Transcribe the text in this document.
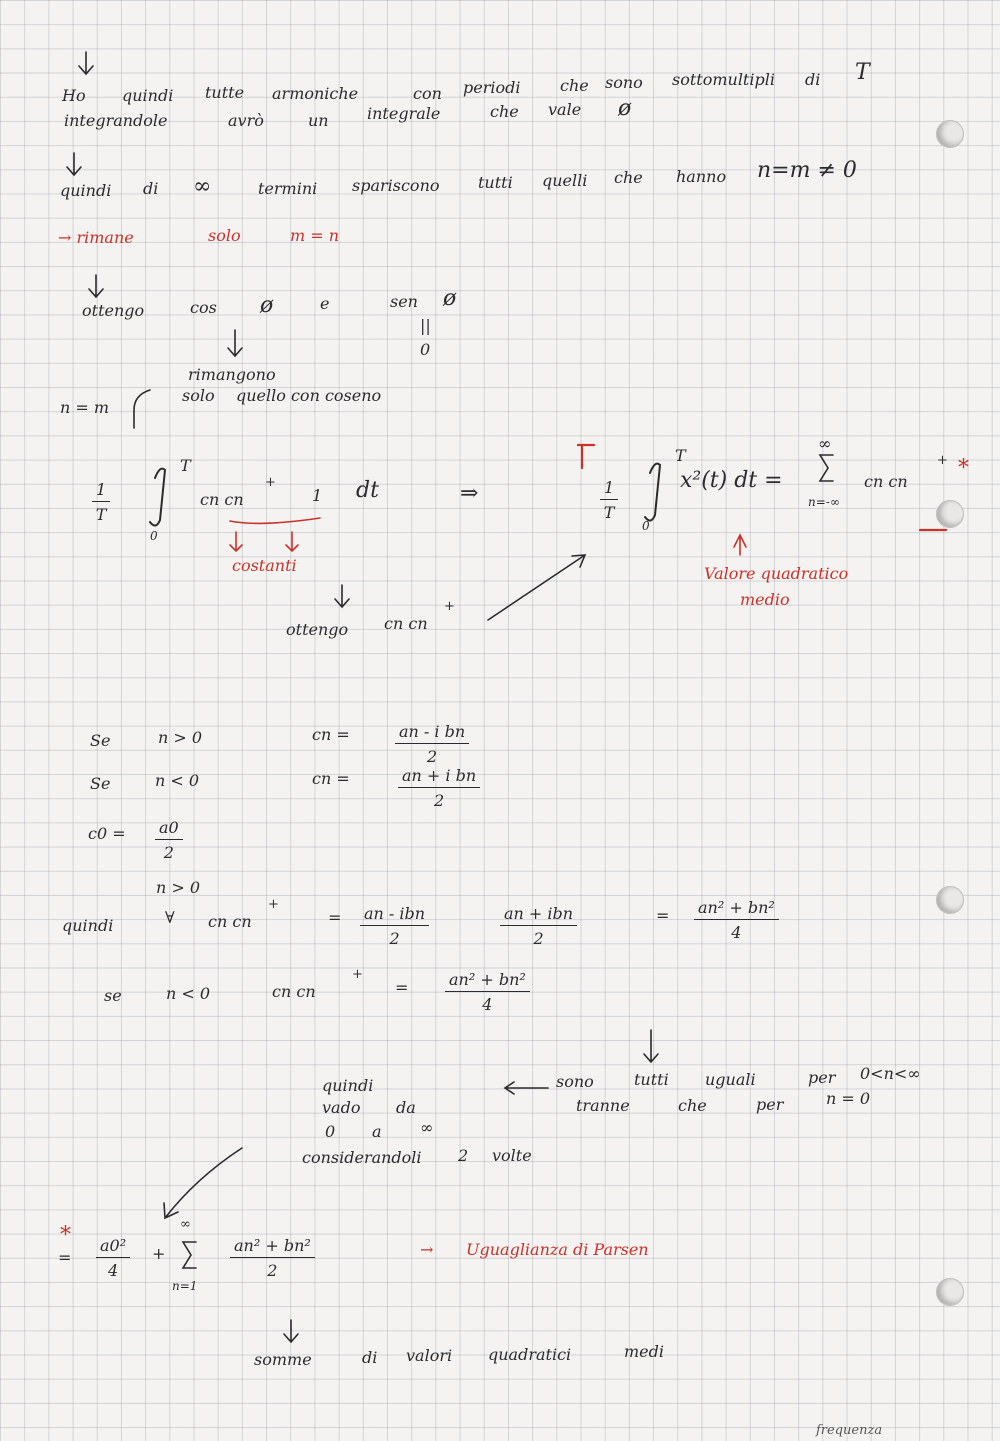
Ho quindi tutte armoniche	con periodi che sono sottomultipli di T
integrandole	avrò	un integrale	che vale ø
quindi di ∞	termini spariscono tutti quelli che hanno n=m ≠ 0
→ rimane	solo	m = n
ottengo	cos ø	e	sen ø
||
0
rimangono
solo quello con coseno
n = m
$\frac{1}{T}$
T
0
cn cn
+
1 dt
costanti
⇒
ottengo cn cn
+
$\frac{1}{T}$
T
0
x²(t) dt =
∞
n=-∞
cn cn
+ *
Valore quadratico
medio
Se	n > 0	cn =	$\frac{\text{an - i bn}}{2}$
Se	n < 0	cn =	$\frac{\text{an + i bn}}{2}$
$c0 = \frac{a0}{2}$
n > 0
quindi	∀ cn cn
+
= an - ibn
2
an + ibn
2
= $\frac{\text{an² + bn²}}{4}$
se	n < 0	cn cn
+
= $\frac{\text{an² + bn²}}{4}$
sono	tutti uguali	per 0<n<∞
tranne	che	per	n = 0
quindi
vado da
0 a ∞
considerandoli 2 volte
*
= $\frac{\text{a0²}}{4}$ +
∞
n=1
$\frac{\text{an² + bn²}}{2}$	→ Uguaglianza di Parsen
somme	di valori quadratici	medi
frequenza
